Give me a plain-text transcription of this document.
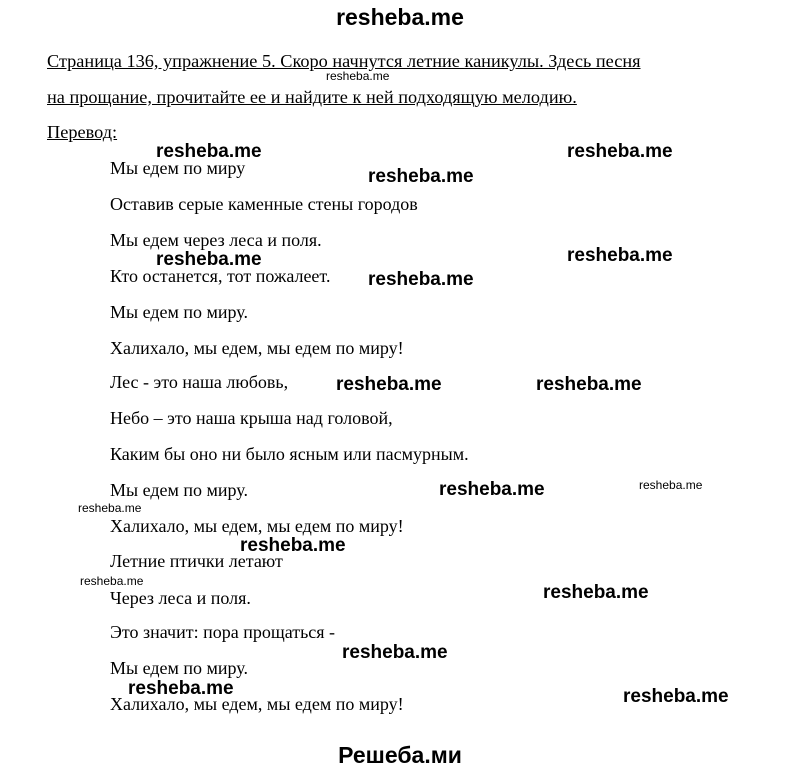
resheba.me
Страница 136, упражнение 5. Скоро начнутся летние каникулы. Здесь песня
на прощание, прочитайте ее и найдите к ней подходящую мелодию.
Перевод:
Мы едем по миру
Оставив серые каменные стены городов
Мы едем через леса и поля.
Кто останется, тот пожалеет.
Мы едем по миру.
Халихало, мы едем, мы едем по миру!
Лес - это наша любовь,
Небо – это наша крыша над головой,
Каким бы оно ни было ясным или пасмурным.
Мы едем по миру.
Халихало, мы едем, мы едем по миру!
Летние птички летают
Через леса и поля.
Это значит: пора прощаться -
Мы едем по миру.
Халихало, мы едем, мы едем по миру!
resheba.me	resheba.me
resheba.me
resheba.me	resheba.me
resheba.me
resheba.me	resheba.me
resheba.me
resheba.me
resheba.me
resheba.me
resheba.me	resheba.me
resheba.me
resheba.me
resheba.me
resheba.me
Решеба.ми
